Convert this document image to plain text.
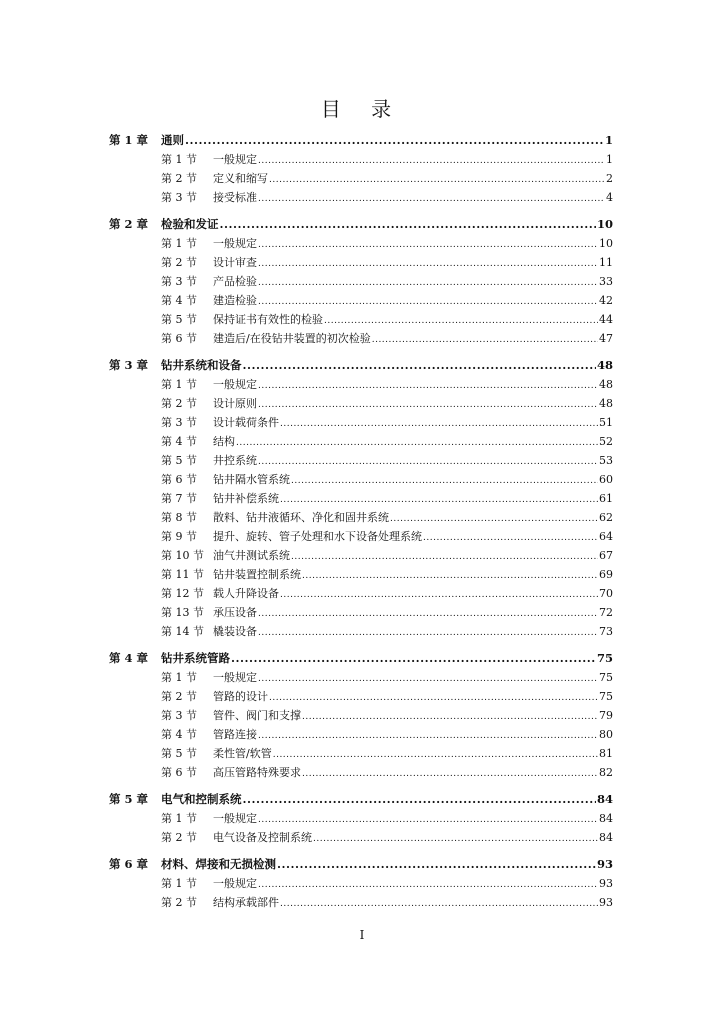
目 录
第 1 章	通则 .....	1
第 1 节	一般规定 .....	1
第 2 节	定义和缩写 .....	2
第 3 节	接受标准 .....	4
第 2 章	检验和发证 .....	10
第 1 节	一般规定 .....	10
第 2 节	设计审查 .....	11
第 3 节	产品检验 .....	33
第 4 节	建造检验 .....	42
第 5 节	保持证书有效性的检验 .....	44
第 6 节	建造后/在役钻井装置的初次检验 .....	47
第 3 章	钻井系统和设备 .....	48
第 1 节	一般规定 .....	48
第 2 节	设计原则 .....	48
第 3 节	设计载荷条件 .....	51
第 4 节	结构 .....	52
第 5 节	井控系统 .....	53
第 6 节	钻井隔水管系统 .....	60
第 7 节	钻井补偿系统 .....	61
第 8 节	散料、钻井液循环、净化和固井系统 .....	62
第 9 节	提升、旋转、管子处理和水下设备处理系统 .....	64
第 10 节 油气井测试系统 .....	67
第 11 节 钻井装置控制系统 .....	69
第 12 节 载人升降设备 .....	70
第 13 节 承压设备 .....	72
第 14 节 橇装设备 .....	73
第 4 章	钻井系统管路 .....	75
第 1 节	一般规定 .....	75
第 2 节	管路的设计 .....	75
第 3 节	管件、阀门和支撑 .....	79
第 4 节	管路连接 .....	80
第 5 节	柔性管/软管 .....	81
第 6 节	高压管路特殊要求 .....	82
第 5 章	电气和控制系统 .....	84
第 1 节	一般规定 .....	84
第 2 节	电气设备及控制系统 .....	84
第 6 章	材料、焊接和无损检测 .....	93
第 1 节	一般规定 .....	93
第 2 节	结构承载部件 .....	93
I
